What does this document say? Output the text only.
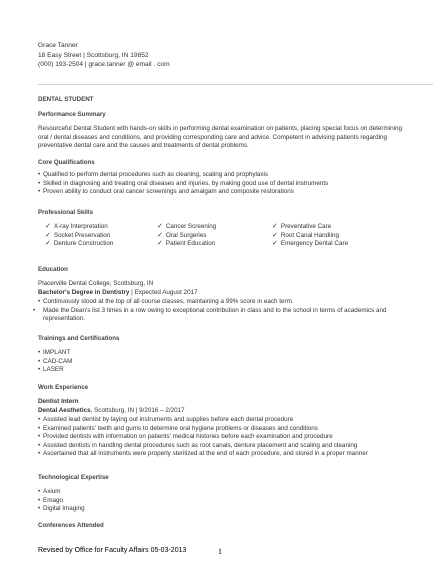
Grace Tanner
18 Easy Street | Scottsburg, IN 19852
(000) 193-2504 | grace.tanner @ email . com
DENTAL STUDENT
Performance Summary
Resourceful Dental Student with hands-on skills in performing dental examination on patients, placing special focus on determining oral / dental diseases and conditions, and providing corresponding care and advice. Competent in advising patients regarding preventative dental care and the causes and treatments of dental problems.
Core Qualifications
• Qualified to perform dental procedures such as cleaning, scaling and prophylaxis
• Skilled in diagnosing and treating oral diseases and injuries, by making good use of dental instruments
• Proven ability to conduct oral cancer screenings and amalgam and composite restorations
Professional Skills
✓ X-ray Interpretation	✓ Cancer Screening	✓ Preventative Care
✓ Socket Preservation	✓ Oral Surgeries	✓ Root Canal Handling
✓ Denture Construction	✓ Patient Education	✓ Emergency Dental Care
Education
Placerville Dental College, Scottsburg, IN
Bachelor's Degree in Dentistry | Expected August 2017
• Continuously stood at the top of all course classes, maintaining a 99% score in each term.
• Made the Dean's list 3 times in a row owing to exceptional contribution in class and to the school in terms of academics and representation.
Trainings and Certifications
• IMPLANT
• CAD-CAM
• LASER
Work Experience
Dentist Intern
Dental Aesthetics, Scottsburg, IN | 9/2016 – 2/2017
• Assisted lead dentist by laying out instruments and supplies before each dental procedure
• Examined patients' teeth and gums to determine oral hygiene problems or diseases and conditions
• Provided dentists with information on patients' medical histories before each examination and procedure
• Assisted dentists in handling dental procedures such as root canals, denture placement and scaling and cleaning
• Ascertained that all instruments were properly sterilized at the end of each procedure, and stored in a proper manner
Technological Expertise
• Axium
• Emago
• Digital Imaging
Conferences Attended
Revised by Office for Faculty Affairs 05-03-2013	1
